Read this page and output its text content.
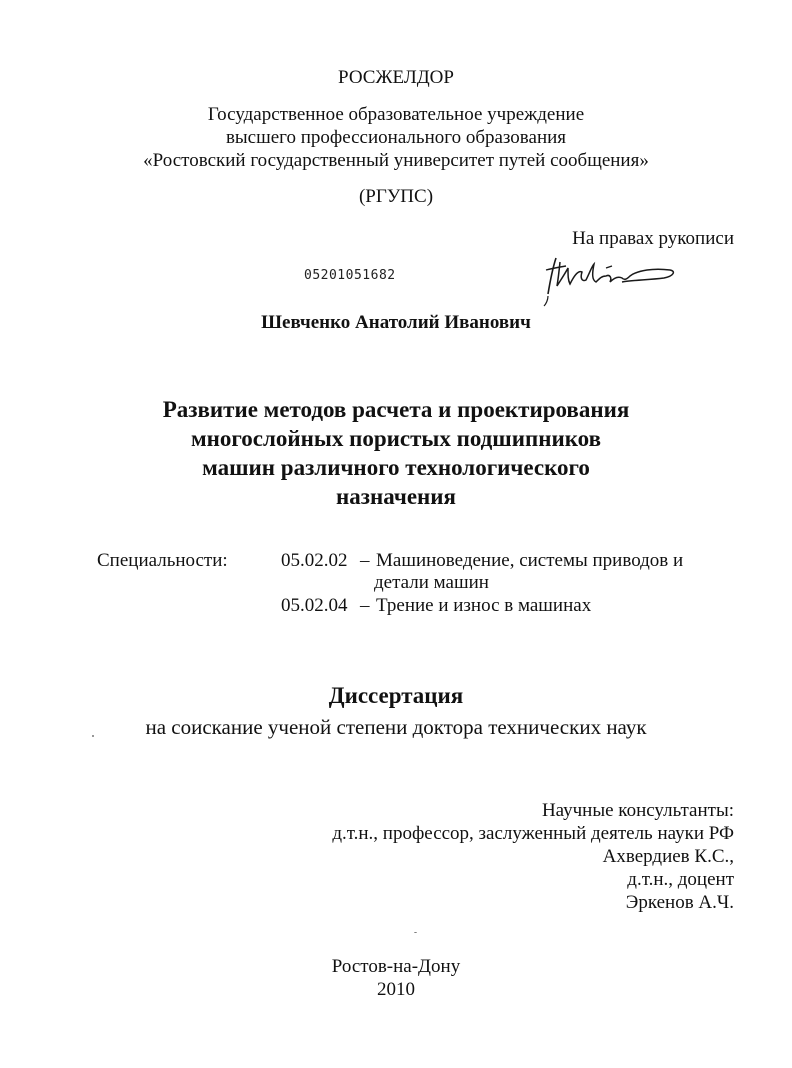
РОСЖЕЛДОР
Государственное образовательное учреждение
высшего профессионального образования
«Ростовский государственный университет путей сообщения»
(РГУПС)
На правах рукописи
05201051682
Шевченко Анатолий Иванович
Развитие методов расчета и проектирования
многослойных пористых подшипников
машин различного технологического
назначения
Специальности:	05.02.02 – Машиноведение, системы приводов и
детали машин
05.02.04 – Трение и износ в машинах
Диссертация
на соискание ученой степени доктора технических наук
Научные консультанты:
д.т.н., профессор, заслуженный деятель науки РФ
Ахвердиев К.С.,
д.т.н., доцент
Эркенов А.Ч.
Ростов-на-Дону
2010
